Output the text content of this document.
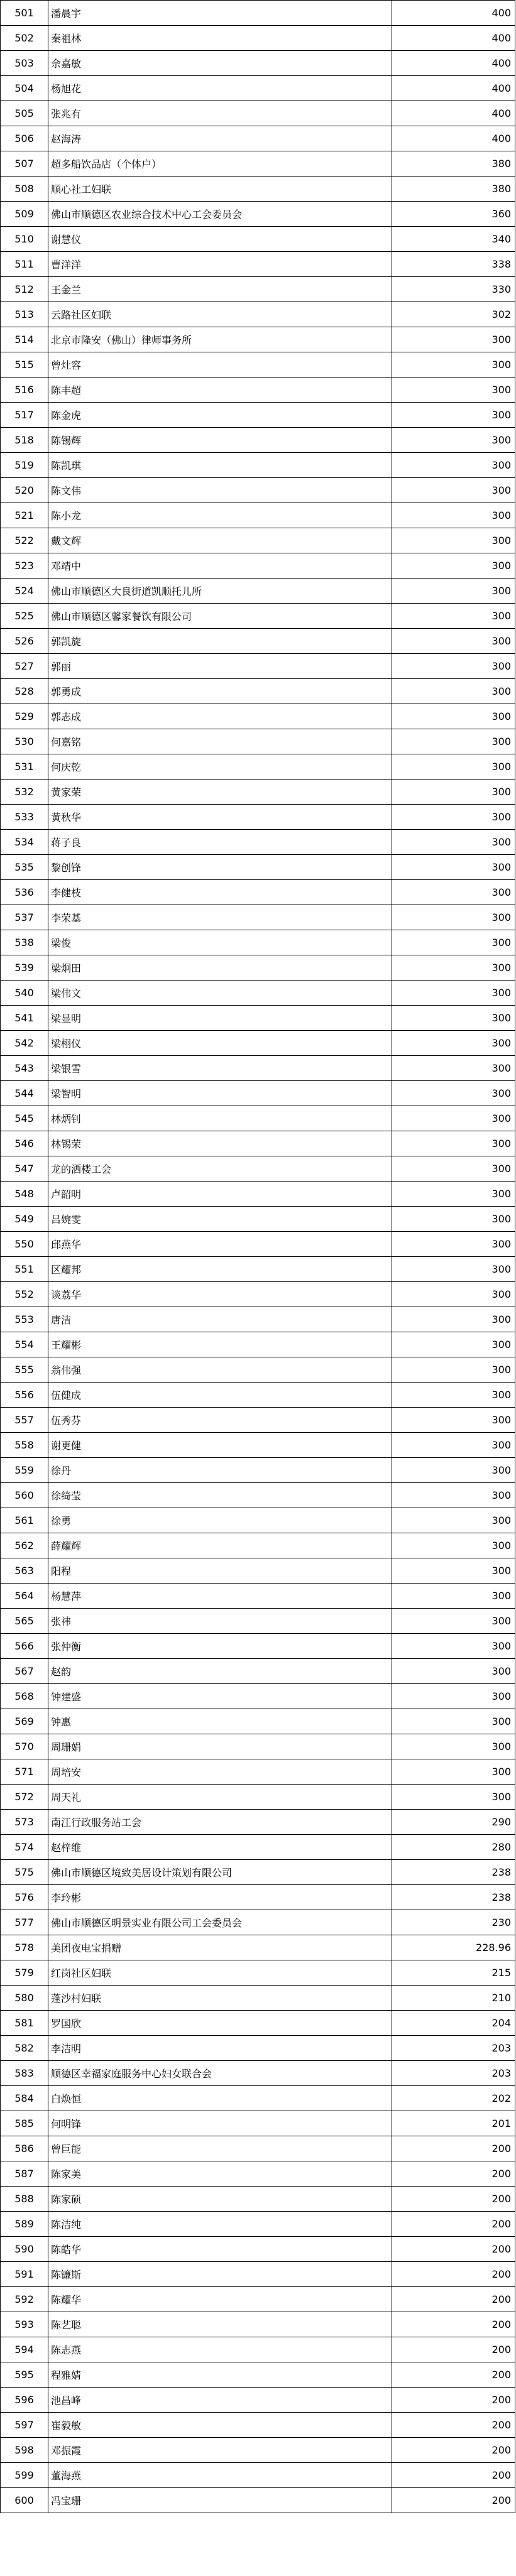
501	潘晨宇	400
502	秦祖林	400
503	佘嘉敏	400
504	杨旭花	400
505	张兆有	400
506	赵海涛	400
507	超多船饮品店（个体户）	380
508	顺心社工妇联	380
509	佛山市顺德区农业综合技术中心工会委员会	360
510	谢慧仪	340
511	曹洋洋	338
512	王金兰	330
513	云路社区妇联	302
514	北京市隆安（佛山）律师事务所	300
515	曾灶容	300
516	陈丰超	300
517	陈金虎	300
518	陈锡辉	300
519	陈凯琪	300
520	陈文伟	300
521	陈小龙	300
522	戴文辉	300
523	邓靖中	300
524	佛山市顺德区大良街道凯顺托儿所	300
525	佛山市顺德区馨家餐饮有限公司	300
526	郭凯旋	300
527	郭丽	300
528	郭勇成	300
529	郭志成	300
530	何嘉铭	300
531	何庆乾	300
532	黄家荣	300
533	黄秋华	300
534	蒋子良	300
535	黎创锋	300
536	李健枝	300
537	李荣基	300
538	梁俊	300
539	梁炯田	300
540	梁伟文	300
541	梁显明	300
542	梁栩仪	300
543	梁银雪	300
544	梁智明	300
545	林炳钊	300
546	林锡荣	300
547	龙的洒楼工会	300
548	卢韶明	300
549	吕婉雯	300
550	邱燕华	300
551	区耀邦	300
552	谈荔华	300
553	唐洁	300
554	王耀彬	300
555	翁伟强	300
556	伍健成	300
557	伍秀芬	300
558	谢更健	300
559	徐丹	300
560	徐绮莹	300
561	徐勇	300
562	薛耀辉	300
563	阳程	300
564	杨慧萍	300
565	张祎	300
566	张仲衡	300
567	赵韵	300
568	钟建盛	300
569	钟惠	300
570	周珊娟	300
571	周培安	300
572	周天礼	300
573	南江行政服务站工会	290
574	赵梓维	280
575	佛山市顺德区境致美居设计策划有限公司	238
576	李玲彬	238
577	佛山市顺德区明景实业有限公司工会委员会	230
578	美团夜电宝捐赠	228.96
579	红岗社区妇联	215
580	蓬沙村妇联	210
581	罗国欣	204
582	李洁明	203
583	顺德区幸福家庭服务中心妇女联合会	203
584	白焕恒	202
585	何明锋	201
586	曾巨能	200
587	陈家美	200
588	陈家硕	200
589	陈洁纯	200
590	陈皓华	200
591	陈镰斯	200
592	陈耀华	200
593	陈艺聪	200
594	陈志燕	200
595	程雅婧	200
596	池昌峰	200
597	崔毅敏	200
598	邓振霞	200
599	董海燕	200
600	冯宝珊	200
